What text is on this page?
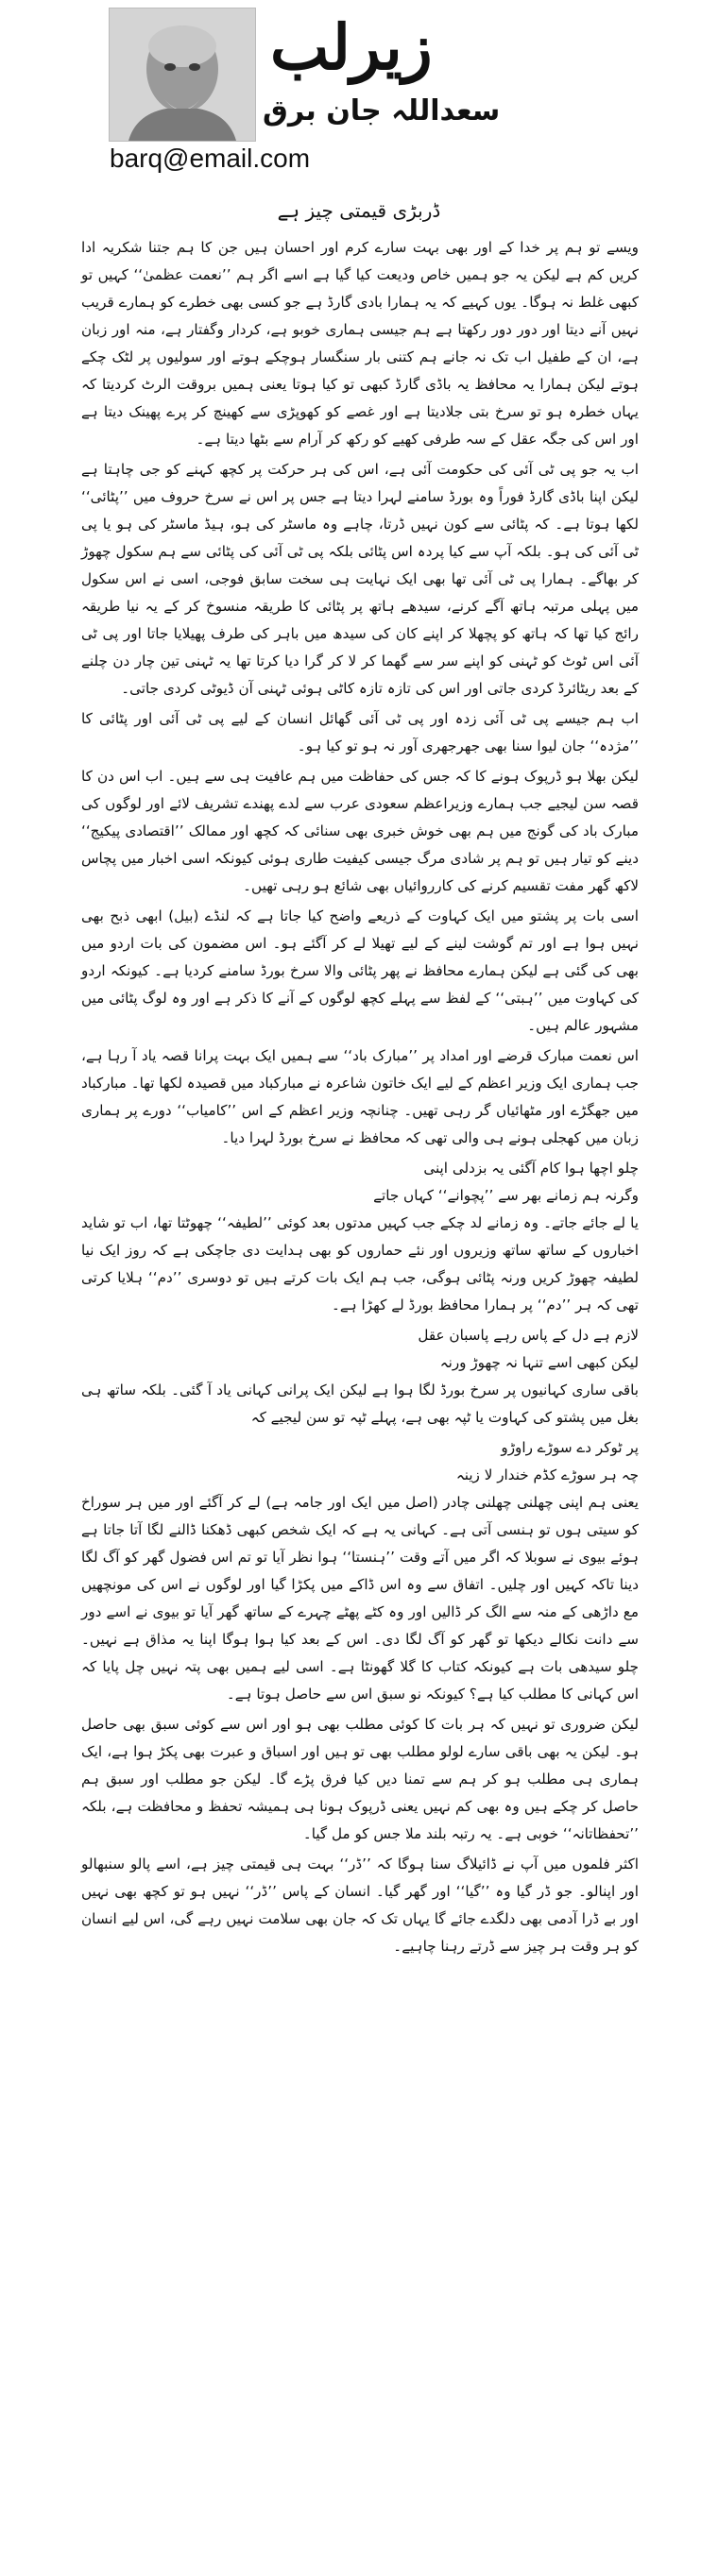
زیرلب
سعداللہ جان برق
barq@email.com
ڈربڑی قیمتی چیز ہے

ویسے تو ہم پر خدا کے اور بھی بہت سارے کرم اور احسان ہیں جن کا ہم جتنا شکریہ ادا کریں کم ہے لیکن یہ جو ہمیں خاص ودیعت کیا گیا ہے اسے اگر ہم ’’نعمت عظمیٰ‘‘ کہیں تو کبھی غلط نہ ہوگا۔ یوں کہیے کہ یہ ہمارا بادی گارڈ ہے جو کسی بھی خطرے کو ہمارے قریب نہیں آنے دیتا اور دور دور رکھتا ہے ہم جیسی ہماری خوبو ہے، کردار وگفتار ہے، منہ اور زبان ہے، ان کے طفیل اب تک نہ جانے ہم کتنی بار سنگسار ہوچکے ہوتے اور سولیوں پر لٹک چکے ہوتے لیکن ہمارا یہ محافظ یہ باڈی گارڈ کبھی تو کیا ہوتا یعنی ہمیں بروقت الرٹ کردیتا کہ یہاں خطرہ ہو تو سرخ بتی جلادیتا ہے اور غصے کو کھوپڑی سے کھینچ کر پرے پھینک دیتا ہے اور اس کی جگہ عقل کے سہ طرفی کھیے کو رکھ کر آرام سے بٹھا دیتا ہے۔

اب یہ جو پی ٹی آئی کی حکومت آئی ہے، اس کی ہر حرکت پر کچھ کہنے کو جی چاہتا ہے لیکن اپنا باڈی گارڈ فوراً وہ بورڈ سامنے لہرا دیتا ہے جس پر اس نے سرخ حروف میں ’’پٹائی‘‘ لکھا ہوتا ہے۔ کہ پٹائی سے کون نہیں ڈرتا، چاہے وہ ماسٹر کی ہو، ہیڈ ماسٹر کی ہو یا پی ٹی آئی کی ہو۔ بلکہ آپ سے کیا پردہ اس پٹائی بلکہ پی ٹی آئی کی پٹائی سے ہم سکول چھوڑ کر بھاگے۔ ہمارا پی ٹی آئی تھا بھی ایک نہایت ہی سخت سابق فوجی، اسی نے اس سکول میں پہلی مرتبہ ہاتھ آگے کرنے، سیدھے ہاتھ پر پٹائی کا طریقہ منسوخ کر کے یہ نیا طریقہ رائج کیا تھا کہ ہاتھ کو پچھلا کر اپنے کان کی سیدھ میں باہر کی طرف پھیلایا جاتا اور پی ٹی آئی اس ٹوٹ کو ٹہنی کو اپنے سر سے گھما کر لا کر گرا دیا کرتا تھا یہ ٹہنی تین چار دن چلنے کے بعد ریٹائرڈ کردی جاتی اور اس کی تازہ تازہ کاٹی ہوئی ٹہنی آن ڈیوٹی کردی جاتی۔

اب ہم جیسے پی ٹی آئی زدہ اور پی ٹی آئی گھائل انسان کے لیے پی ٹی آئی اور پٹائی کا ’’مژدہ‘‘ جان لیوا سنا بھی جھرجھری آور نہ ہو تو کیا ہو۔

لیکن بھلا ہو ڈرپوک ہونے کا کہ جس کی حفاظت میں ہم عافیت ہی سے ہیں۔ اب اس دن کا قصہ سن لیجیے جب ہمارے وزیراعظم سعودی عرب سے لدے پھندے تشریف لائے اور لوگوں کی مبارک باد کی گونج میں ہم بھی خوش خبری بھی سنائی کہ کچھ اور ممالک ’’اقتصادی پیکیج‘‘ دینے کو تیار ہیں تو ہم پر شادی مرگ جیسی کیفیت طاری ہوئی کیونکہ اسی اخبار میں پچاس لاکھ گھر مفت تقسیم کرنے کی کارروائیاں بھی شائع ہو رہی تھیں۔

اسی بات پر پشتو میں ایک کہاوت کے ذریعے واضح کیا جاتا ہے کہ لنڈے (بیل) ابھی ذبح بھی نہیں ہوا ہے اور تم گوشت لینے کے لیے تھیلا لے کر آگئے ہو۔ اس مضمون کی بات اردو میں بھی کی گئی ہے لیکن ہمارے محافظ نے پھر پٹائی والا سرخ بورڈ سامنے کردیا ہے۔ کیونکہ اردو کی کہاوت میں ’’ہبتی‘‘ کے لفظ سے پہلے کچھ لوگوں کے آنے کا ذکر ہے اور وہ لوگ پٹائی میں مشہور عالم ہیں۔

اس نعمت مبارک قرضے اور امداد پر ’’مبارک باد‘‘ سے ہمیں ایک بہت پرانا قصہ یاد آ رہا ہے، جب ہماری ایک وزیر اعظم کے لیے ایک خاتون شاعرہ نے مبارکباد میں قصیدہ لکھا تھا۔ مبارکباد میں جھگڑے اور مٹھائیاں گر رہی تھیں۔ چنانچہ وزیر اعظم کے اس ’’کامیاب‘‘ دورے پر ہماری زبان میں کھجلی ہونے ہی والی تھی کہ محافظ نے سرخ بورڈ لہرا دیا۔

چلو اچھا ہوا کام آگئی یہ بزدلی اپنی
وگرنہ ہم زمانے بھر سے ’’پچوانے‘‘ کہاں جاتے

یا لے جائے جاتے۔ وہ زمانے لد چکے جب کہیں مدتوں بعد کوئی ’’لطیفہ‘‘ چھوٹتا تھا، اب تو شاید اخباروں کے ساتھ ساتھ وزیروں اور نئے حماروں کو بھی ہدایت دی جاچکی ہے کہ روز ایک نیا لطیفہ چھوڑ کریں ورنہ پٹائی ہوگی، جب ہم ایک بات کرتے ہیں تو دوسری ’’دم‘‘ ہلایا کرتی تھی کہ ہر ’’دم‘‘ پر ہمارا محافظ بورڈ لے کھڑا ہے۔

لازم ہے دل کے پاس رہے پاسبان عقل
لیکن کبھی اسے تنہا نہ چھوڑ ورنہ

باقی ساری کہانیوں پر سرخ بورڈ لگا ہوا ہے لیکن ایک پرانی کہانی یاد آ گئی۔ بلکہ ساتھ ہی بغل میں پشتو کی کہاوت یا ٹپہ بھی ہے، پہلے ٹپہ تو سن لیجیے کہ

پر ٹوکر دے سوڑے راوڑو
چہ ہر سوڑے کڈم خندار لا زینہ

یعنی ہم اپنی چھلنی چھلنی چادر (اصل میں ایک اور جامہ ہے) لے کر آگئے اور میں ہر سوراخ کو سیتی ہوں تو ہنسی آتی ہے۔ کہانی یہ ہے کہ ایک شخص کبھی ڈھکنا ڈالنے لگا آتا جاتا ہے ہوئے بیوی نے سوبلا کہ اگر میں آتے وقت ’’ہنستا‘‘ ہوا نظر آیا تو تم اس فضول گھر کو آگ لگا دینا تاکہ کہیں اور چلیں۔ اتفاق سے وہ اس ڈاکے میں پکڑا گیا اور لوگوں نے اس کی مونچھیں مع داڑھی کے منہ سے الگ کر ڈالیں اور وہ کٹے پھٹے چہرے کے ساتھ گھر آیا تو بیوی نے اسے دور سے دانت نکالے دیکھا تو گھر کو آگ لگا دی۔ اس کے بعد کیا ہوا ہوگا اپنا یہ مذاق ہے نہیں۔ چلو سیدھی بات ہے کیونکہ کتاب کا گلا گھونٹا ہے۔ اسی لیے ہمیں بھی پتہ نہیں چل پایا کہ اس کہانی کا مطلب کیا ہے؟ کیونکہ نو سبق اس سے حاصل ہوتا ہے۔

لیکن ضروری تو نہیں کہ ہر بات کا کوئی مطلب بھی ہو اور اس سے کوئی سبق بھی حاصل ہو۔ لیکن یہ بھی باقی سارے لولو مطلب بھی تو ہیں اور اسباق و عبرت بھی پکڑ ہوا ہے، ایک ہماری ہی مطلب ہو کر ہم سے تمنا دیں کیا فرق پڑے گا۔ لیکن جو مطلب اور سبق ہم حاصل کر چکے ہیں وہ بھی کم نہیں یعنی ڈرپوک ہونا ہی ہمیشہ تحفظ و محافظت ہے، بلکہ ’’تحفظاتانہ‘‘ خوبی ہے۔ یہ رتبہ بلند ملا جس کو مل گیا۔

اکثر فلموں میں آپ نے ڈائیلاگ سنا ہوگا کہ ’’ڈر‘‘ بہت ہی قیمتی چیز ہے، اسے پالو سنبھالو اور اپنالو۔ جو ڈر گیا وہ ’’گیا‘‘ اور گھر گیا۔ انسان کے پاس ’’ڈر‘‘ نہیں ہو تو کچھ بھی نہیں اور بے ڈرا آدمی بھی دلگدے جائے گا یہاں تک کہ جان بھی سلامت نہیں رہے گی، اس لیے انسان کو ہر وقت ہر چیز سے ڈرتے رہنا چاہیے۔
